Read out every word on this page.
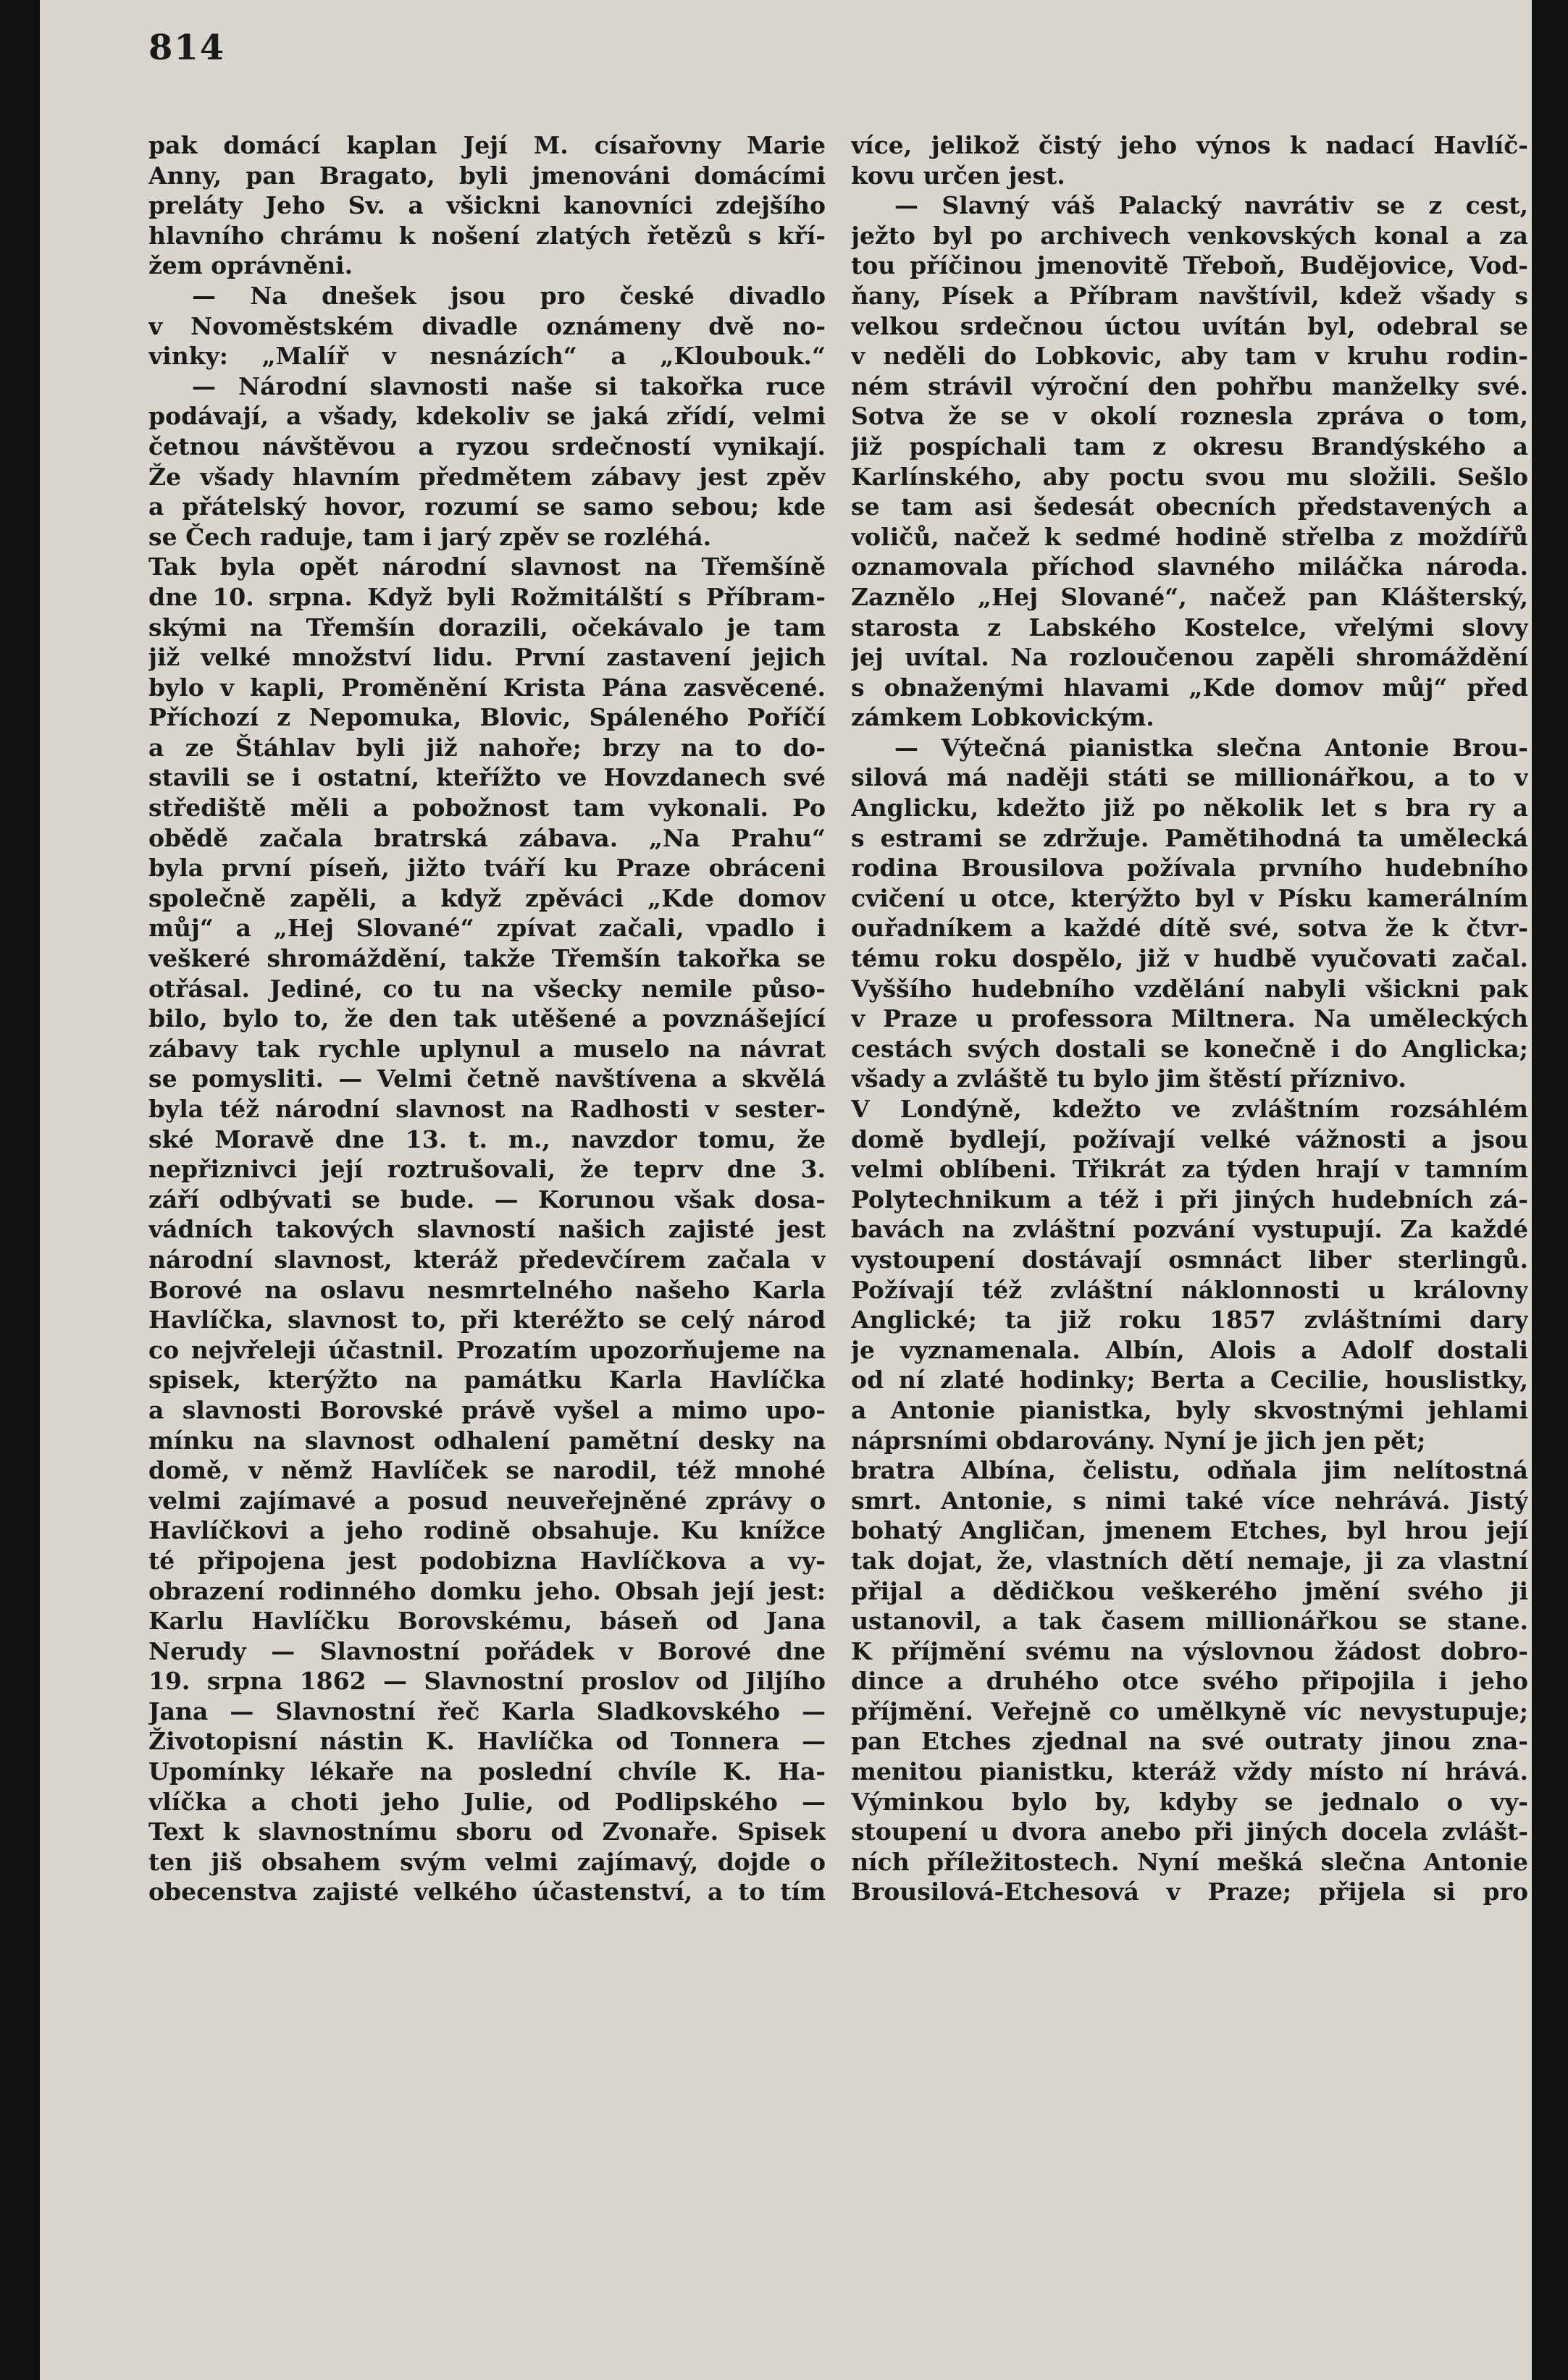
814
pak domácí kaplan Její M. císařovny Marie
Anny, pan Bragato, byli jmenováni domácími
preláty Jeho Sv. a všickni kanovníci zdejšího
hlavního chrámu k nošení zlatých řetězů s kří-
žem oprávněni.
— Na dnešek jsou pro české divadlo
v Novoměstském divadle oznámeny dvě no-
vinky: „Malíř v nesnázích“ a „Kloubouk.“
— Národní slavnosti naše si takořka ruce
podávají, a všady, kdekoliv se jaká zřídí, velmi
četnou návštěvou a ryzou srdečností vynikají.
Že všady hlavním předmětem zábavy jest zpěv
a přátelský hovor, rozumí se samo sebou; kde
se Čech raduje, tam i jarý zpěv se rozléhá.
Tak byla opět národní slavnost na Třemšíně
dne 10. srpna. Když byli Rožmitálští s Příbram-
skými na Třemšín dorazili, očekávalo je tam
již velké množství lidu. První zastavení jejich
bylo v kapli, Proměnění Krista Pána zasvěcené.
Příchozí z Nepomuka, Blovic, Spáleného Poříčí
a ze Štáhlav byli již nahoře; brzy na to do-
stavili se i ostatní, kteřížto ve Hovzdanech své
střediště měli a pobožnost tam vykonali. Po
obědě začala bratrská zábava. „Na Prahu“
byla první píseň, jižto tváří ku Praze obráceni
společně zapěli, a když zpěváci „Kde domov
můj“ a „Hej Slované“ zpívat začali, vpadlo i
veškeré shromáždění, takže Třemšín takořka se
otřásal. Jediné, co tu na všecky nemile půso-
bilo, bylo to, že den tak utěšené a povznášející
zábavy tak rychle uplynul a muselo na návrat
se pomysliti. — Velmi četně navštívena a skvělá
byla též národní slavnost na Radhosti v sester-
ské Moravě dne 13. t. m., navzdor tomu, že
nepřiznivci její roztrušovali, že teprv dne 3.
září odbývati se bude. — Korunou však dosa-
vádních takových slavností našich zajisté jest
národní slavnost, kteráž předevčírem začala v
Borové na oslavu nesmrtelného našeho Karla
Havlíčka, slavnost to, při kteréžto se celý národ
co nejvřeleji účastnil. Prozatím upozorňujeme na
spisek, kterýžto na památku Karla Havlíčka
a slavnosti Borovské právě vyšel a mimo upo-
mínku na slavnost odhalení pamětní desky na
domě, v němž Havlíček se narodil, též mnohé
velmi zajímavé a posud neuveřejněné zprávy o
Havlíčkovi a jeho rodině obsahuje. Ku knížce
té připojena jest podobizna Havlíčkova a vy-
obrazení rodinného domku jeho. Obsah její jest:
Karlu Havlíčku Borovskému, báseň od Jana
Nerudy — Slavnostní pořádek v Borové dne
19. srpna 1862 — Slavnostní proslov od Jiljího
Jana — Slavnostní řeč Karla Sladkovského —
Životopisní nástin K. Havlíčka od Tonnera —
Upomínky lékaře na poslední chvíle K. Ha-
vlíčka a choti jeho Julie, od Podlipského —
Text k slavnostnímu sboru od Zvonaře. Spisek
ten jiš obsahem svým velmi zajímavý, dojde o
obecenstva zajisté velkého účastenství, a to tím
více, jelikož čistý jeho výnos k nadací Havlíč-
kovu určen jest.
— Slavný váš Palacký navrátiv se z cest,
ježto byl po archivech venkovských konal a za
tou příčinou jmenovitě Třeboň, Budějovice, Vod-
ňany, Písek a Příbram navštívil, kdež všady s
velkou srdečnou úctou uvítán byl, odebral se
v neděli do Lobkovic, aby tam v kruhu rodin-
ném strávil výroční den pohřbu manželky své.
Sotva že se v okolí roznesla zpráva o tom,
již pospíchali tam z okresu Brandýského a
Karlínského, aby poctu svou mu složili. Sešlo
se tam asi šedesát obecních představených a
voličů, načež k sedmé hodině střelba z moždířů
oznamovala příchod slavného miláčka národa.
Zaznělo „Hej Slované“, načež pan Klášterský,
starosta z Labského Kostelce, vřelými slovy
jej uvítal. Na rozloučenou zapěli shromáždění
s obnaženými hlavami „Kde domov můj“ před
zámkem Lobkovickým.
— Výtečná pianistka slečna Antonie Brou-
silová má naději státi se millionářkou, a to v
Anglicku, kdežto již po několik let s bra ry a
s estrami se zdržuje. Pamětihodná ta umělecká
rodina Brousilova požívala prvního hudebního
cvičení u otce, kterýžto byl v Písku kamerálním
ouřadníkem a každé dítě své, sotva že k čtvr-
tému roku dospělo, již v hudbě vyučovati začal.
Vyššího hudebního vzdělání nabyli všickni pak
v Praze u professora Miltnera. Na uměleckých
cestách svých dostali se konečně i do Anglicka;
všady a zvláště tu bylo jim štěstí příznivo.
V Londýně, kdežto ve zvláštním rozsáhlém
domě bydlejí, požívají velké vážnosti a jsou
velmi oblíbeni. Třikrát za týden hrají v tamním
Polytechnikum a též i při jiných hudebních zá-
bavách na zvláštní pozvání vystupují. Za každé
vystoupení dostávají osmnáct liber sterlingů.
Požívají též zvláštní náklonnosti u královny
Anglické; ta již roku 1857 zvláštními dary
je vyznamenala. Albín, Alois a Adolf dostali
od ní zlaté hodinky; Berta a Cecilie, houslistky,
a Antonie pianistka, byly skvostnými jehlami
náprsními obdarovány. Nyní je jich jen pět;
bratra Albína, čelistu, odňala jim nelítostná
smrt. Antonie, s nimi také více nehrává. Jistý
bohatý Angličan, jmenem Etches, byl hrou její
tak dojat, že, vlastních dětí nemaje, ji za vlastní
přijal a dědičkou veškerého jmění svého ji
ustanovil, a tak časem millionářkou se stane.
K příjmění svému na výslovnou žádost dobro-
dince a druhého otce svého připojila i jeho
příjmění. Veřejně co umělkyně víc nevystupuje;
pan Etches zjednal na své outraty jinou zna-
menitou pianistku, kteráž vždy místo ní hrává.
Výminkou bylo by, kdyby se jednalo o vy-
stoupení u dvora anebo při jiných docela zvlášt-
ních příležitostech. Nyní mešká slečna Antonie
Brousilová-Etchesová v Praze; přijela si pro
